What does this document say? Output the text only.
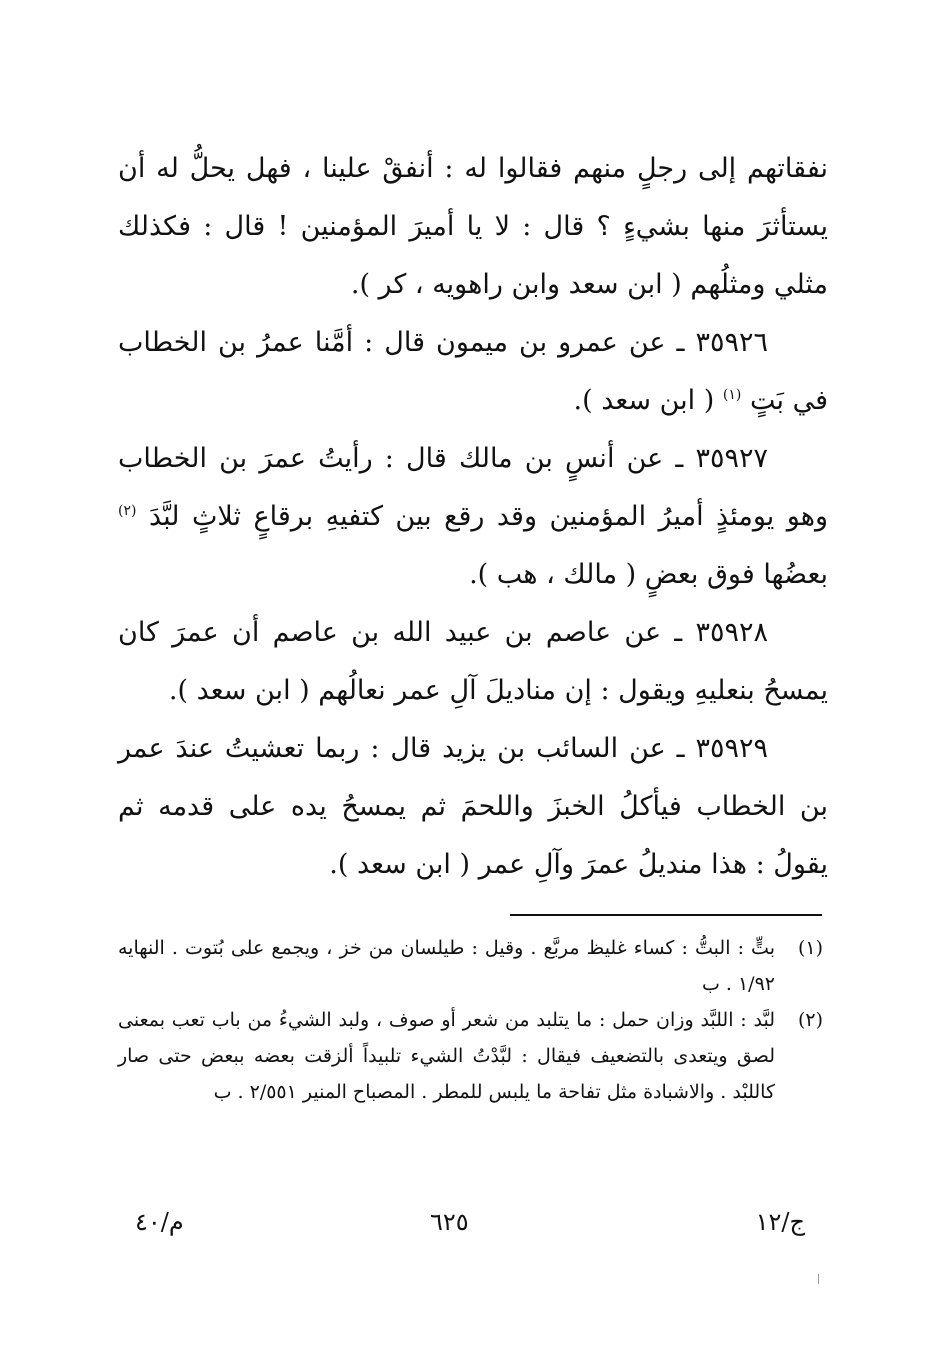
نفقاتهم إلى رجلٍ منهم فقالوا له : أنفقْ علينا ، فهل يحلُّ له أن يستأثرَ منها بشيءٍ ؟ قال : لا يا أميرَ المؤمنين ! قال : فكذلك مثلي ومثلُهم ( ابن سعد وابن راهويه ، كر ).

٣٥٩٢٦ ـ عن عمرو بن ميمون قال : أمَّنا عمرُ بن الخطاب في بَتٍ $^{(١)}$ ( ابن سعد ).

٣٥٩٢٧ ـ عن أنسٍ بن مالك قال : رأيتُ عمرَ بن الخطاب وهو يومئذٍ أميرُ المؤمنين وقد رقع بين كتفيهِ برقاعٍ ثلاثٍ لبَّدَ $^{(٢)}$ بعضُها فوق بعضٍ ( مالك ، هب ).

٣٥٩٢٨ ـ عن عاصم بن عبيد الله بن عاصم أن عمرَ كان يمسحُ بنعليهِ ويقول : إن مناديلَ آلِ عمر نعالُهم ( ابن سعد ).

٣٥٩٢٩ ـ عن السائب بن يزيد قال : ربما تعشيتُ عندَ عمر بن الخطاب فيأكلُ الخبزَ واللحمَ ثم يمسحُ يده على قدمه ثم يقولُ : هذا منديلُ عمرَ وآلِ عمر ( ابن سعد ).

(١)
بتٍّ : البتُّ : كساء غليظ مربَّع . وقيل : طيلسان من خز ، ويجمع على بُتوت . النهايه ١/٩٢ . ب
(٢)
لبَّد : اللبَّد وزان حمل : ما يتلبد من شعر أو صوف ، ولبد الشيءُ من باب تعب بمعنى لصق ويتعدى بالتضعيف فيقال : لبَّدْتُ الشيء تلبيداً ألزقت بعضه ببعض حتى صار كاللبْد . والاشبادة مثل تفاحة ما يلبس للمطر . المصباح المنير ٢/٥٥١ . ب
ج/١٢
٦٢٥
م/٤٠
